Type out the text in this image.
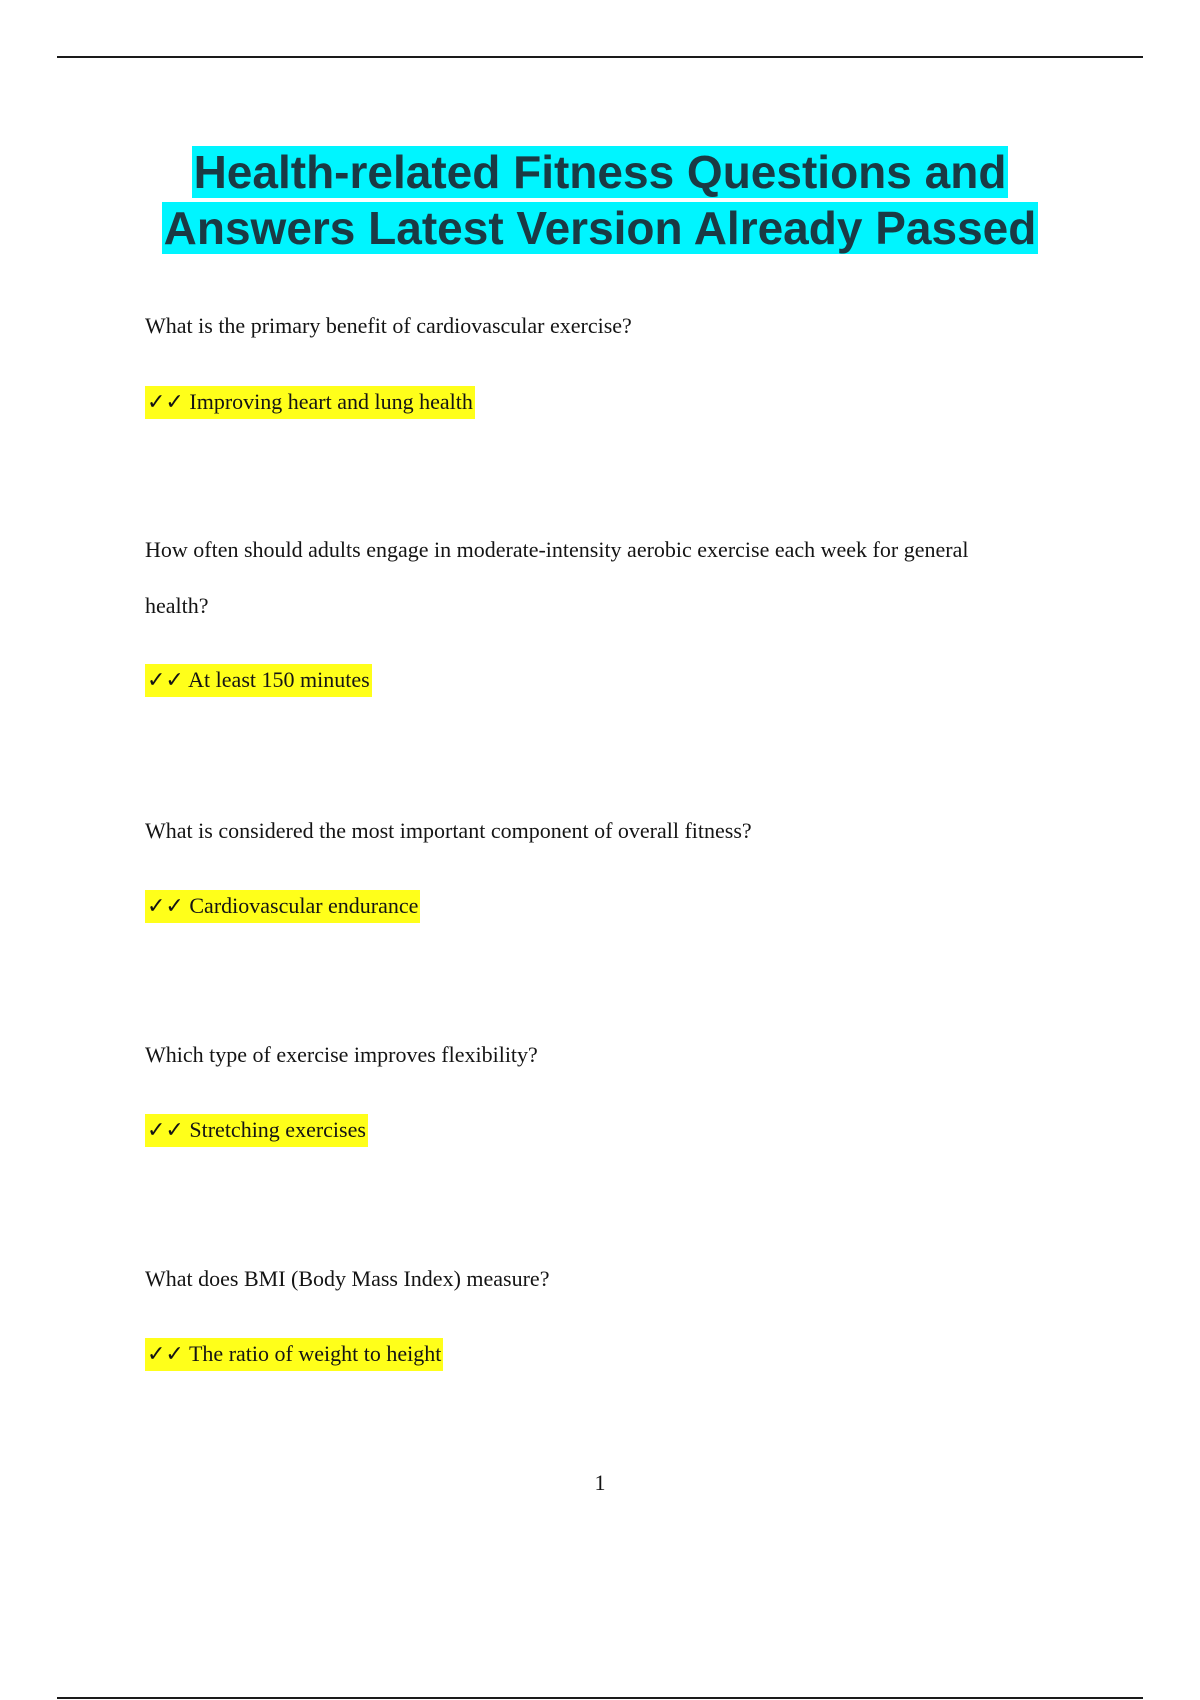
Health-related Fitness Questions and
Answers Latest Version Already Passed

What is the primary benefit of cardiovascular exercise?

✓✓ Improving heart and lung health

How often should adults engage in moderate-intensity aerobic exercise each week for general

health?

✓✓ At least 150 minutes

What is considered the most important component of overall fitness?

✓✓ Cardiovascular endurance

Which type of exercise improves flexibility?

✓✓ Stretching exercises

What does BMI (Body Mass Index) measure?

✓✓ The ratio of weight to height
1
